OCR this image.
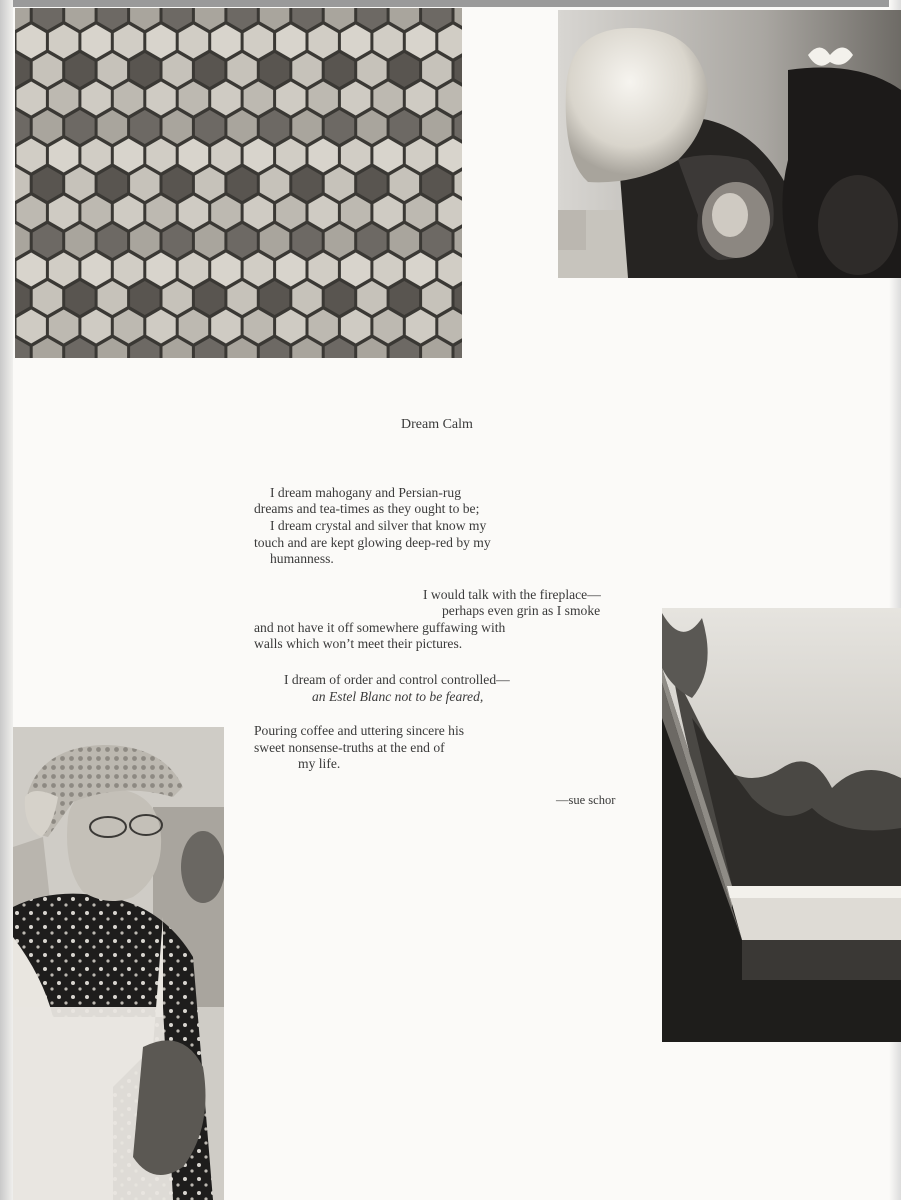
Dream Calm
I dream mahogany and Persian-rug
dreams and tea-times as they ought to be;
I dream crystal and silver that know my
touch and are kept glowing deep-red by my
humanness.
I would talk with the fireplace—
perhaps even grin as I smoke
and not have it off somewhere guffawing with
walls which won’t meet their pictures.
I dream of order and control controlled—
an Estel Blanc not to be feared,
Pouring coffee and uttering sincere his
sweet nonsense-truths at the end of
my life.
—sue schor
